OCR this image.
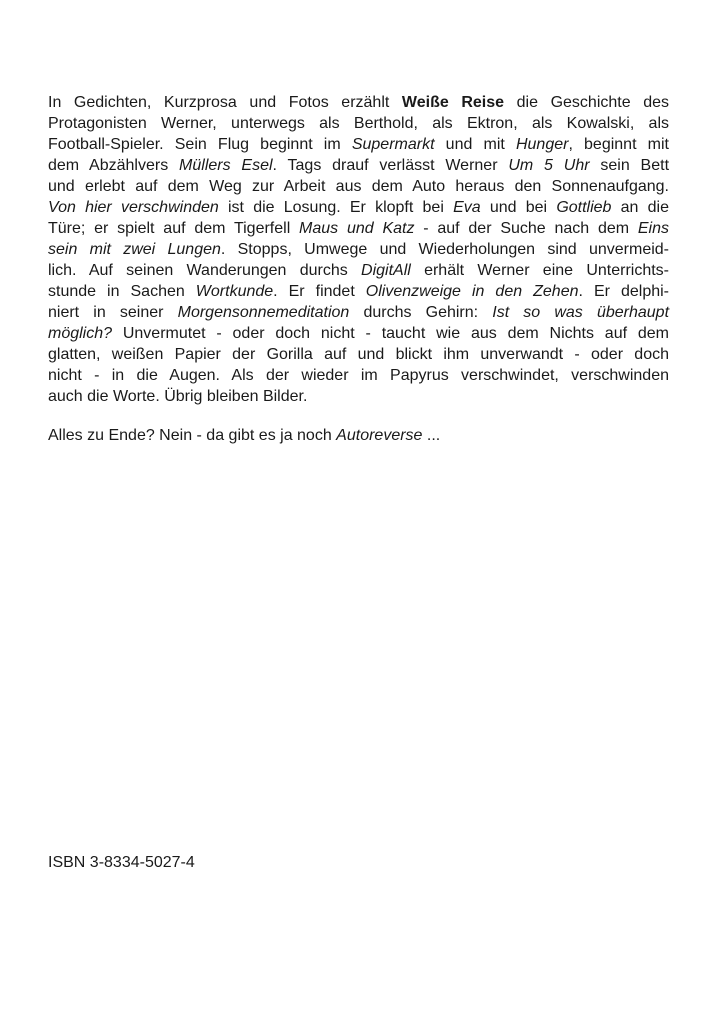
In Gedichten, Kurzprosa und Fotos erzählt Weiße Reise die Geschichte des
Protagonisten Werner, unterwegs als Berthold, als Ektron, als Kowalski, als
Football-Spieler. Sein Flug beginnt im Supermarkt und mit Hunger, beginnt mit
dem Abzählvers Müllers Esel. Tags drauf verlässt Werner Um 5 Uhr sein Bett
und erlebt auf dem Weg zur Arbeit aus dem Auto heraus den Sonnenaufgang.
Von hier verschwinden ist die Losung. Er klopft bei Eva und bei Gottlieb an die
Türe; er spielt auf dem Tigerfell Maus und Katz - auf der Suche nach dem Eins
sein mit zwei Lungen. Stopps, Umwege und Wiederholungen sind unvermeid-
lich. Auf seinen Wanderungen durchs DigitAll erhält Werner eine Unterrichts-
stunde in Sachen Wortkunde. Er findet Olivenzweige in den Zehen. Er delphi-
niert in seiner Morgensonnemeditation durchs Gehirn: Ist so was überhaupt
möglich? Unvermutet - oder doch nicht - taucht wie aus dem Nichts auf dem
glatten, weißen Papier der Gorilla auf und blickt ihm unverwandt - oder doch
nicht - in die Augen. Als der wieder im Papyrus verschwindet, verschwinden
auch die Worte. Übrig bleiben Bilder.
Alles zu Ende? Nein - da gibt es ja noch Autoreverse ...
ISBN 3-8334-5027-4
